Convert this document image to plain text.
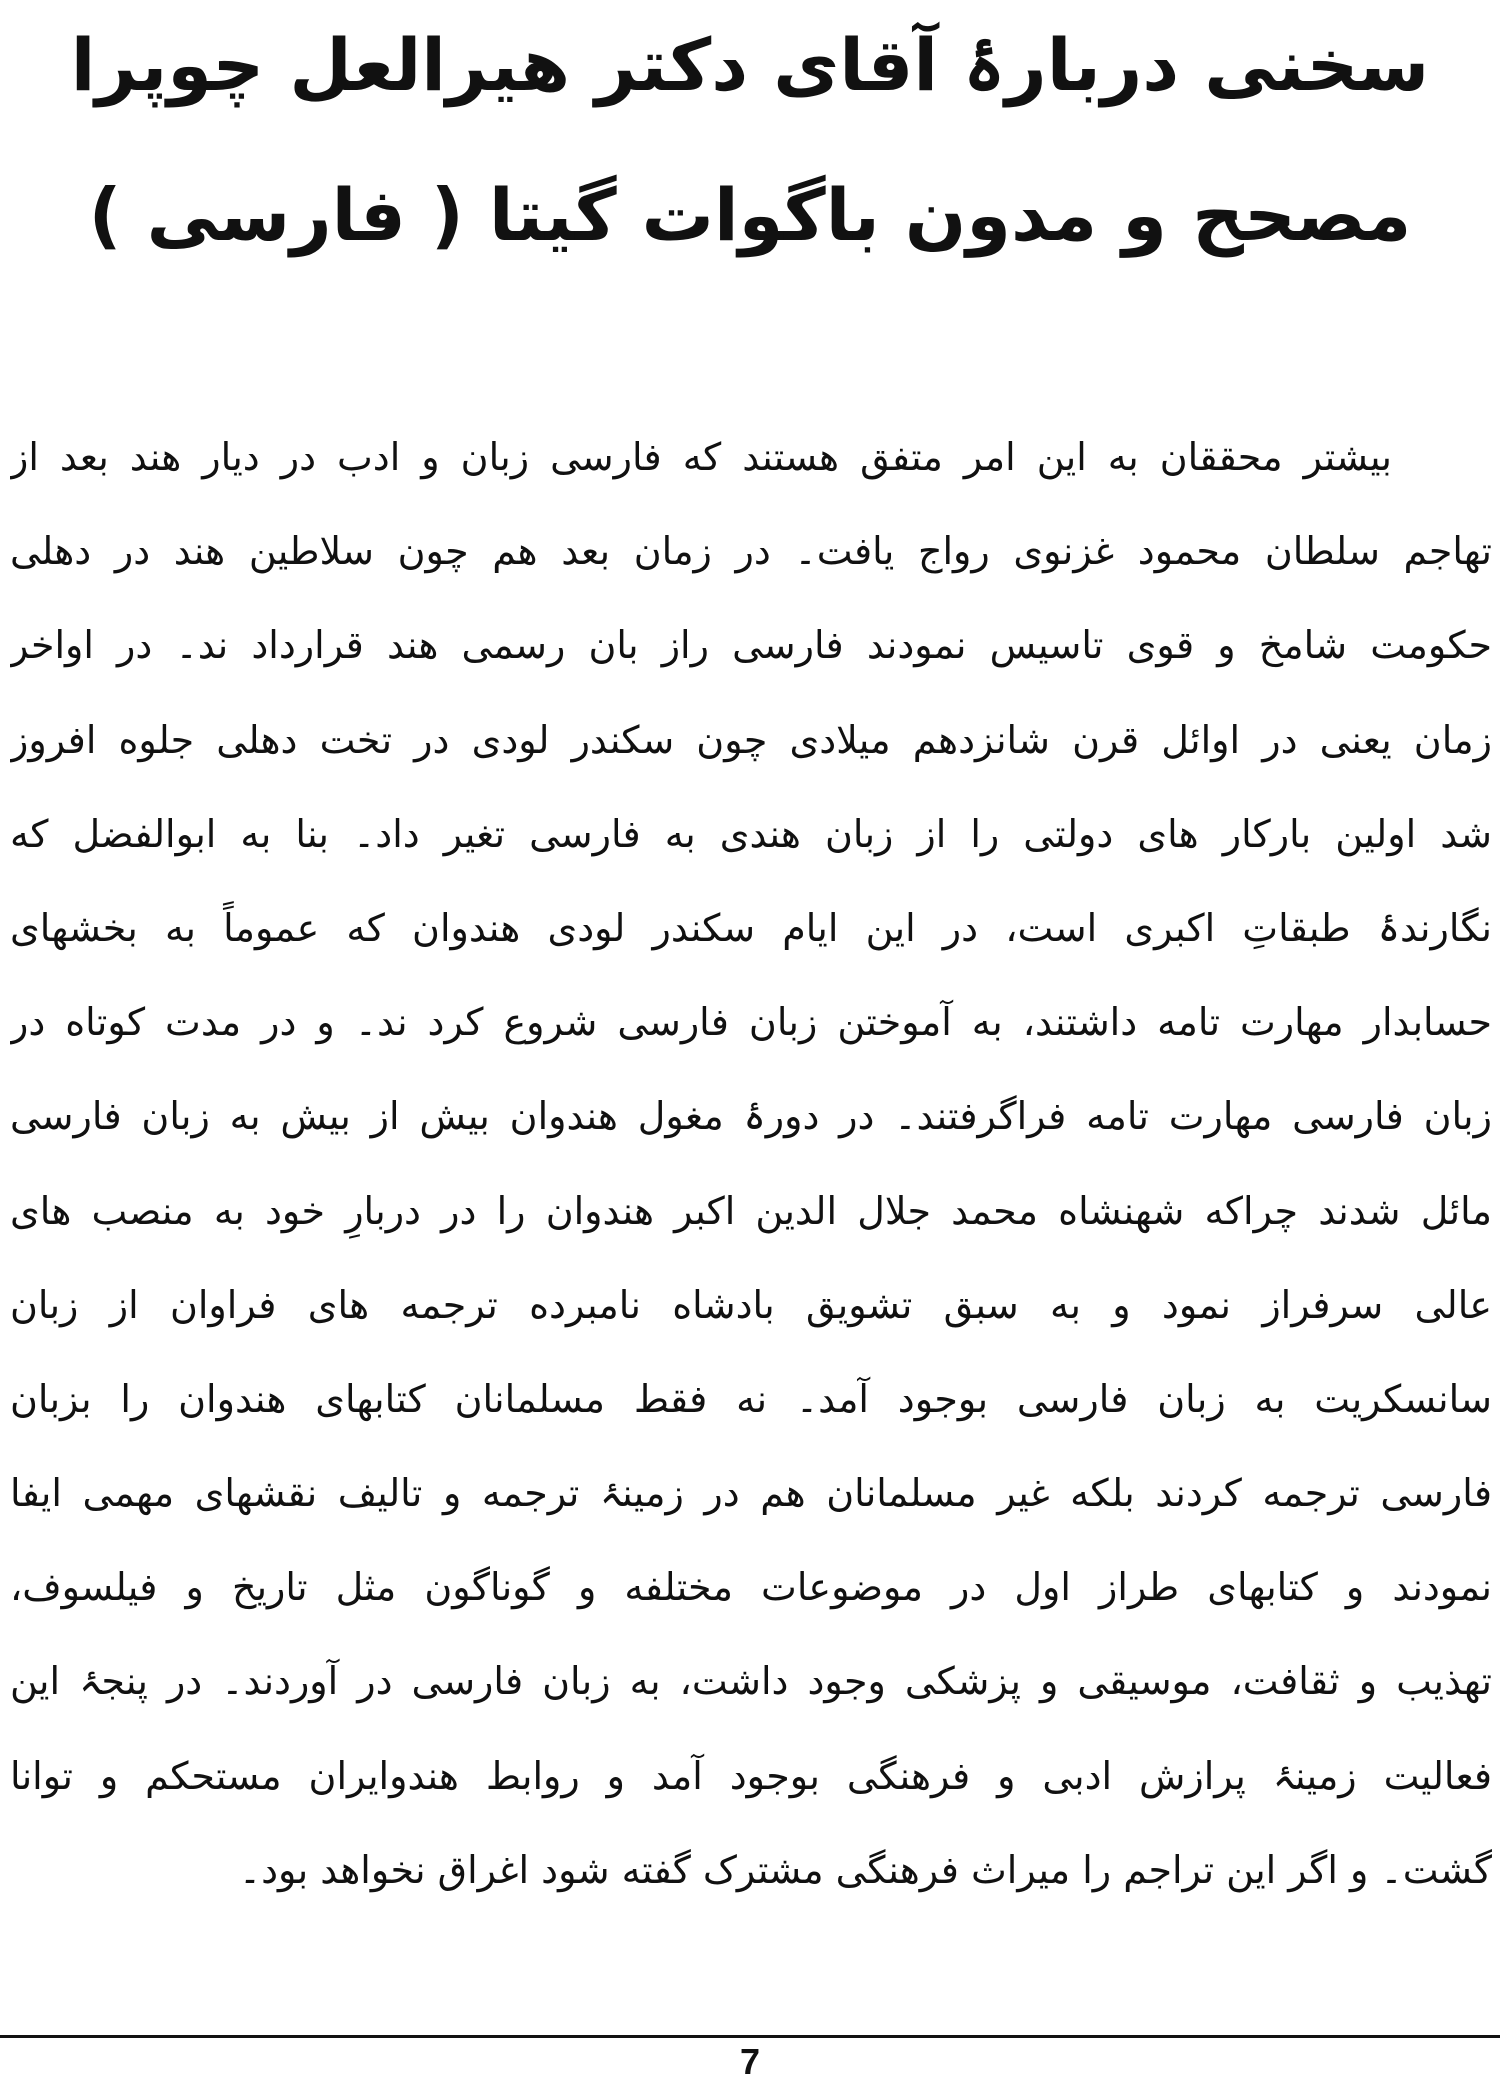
سخنی دربارۂ آقای دکتر هیرالعل چوپرا
مصحح و مدون باگوات گیتا ( فارسی )
بیشتر محققان به این امر متفق هستند که فارسی زبان و ادب در دیار هند بعد از
تهاجم سلطان محمود غزنوی رواج یافت۔ در زمان بعد هم چون سلاطین هند در دهلی
حکومت شامخ و قوی تاسیس نمودند فارسی راز بان رسمی هند قرارداد ند۔ در اواخر
زمان یعنی در اوائل قرن شانزدهم میلادی چون سکندر لودی در تخت دهلی جلوه افروز
شد اولین بارکار های دولتی را از زبان هندی به فارسی تغیر داد۔ بنا به ابوالفضل که
نگارندۂ طبقاتِ اکبری است، در این ایام سکندر لودی هندوان که عموماً به بخشهای
حسابدار مهارت تامه داشتند، به آموختن زبان فارسی شروع کرد ند۔ و در مدت کوتاه در
زبان فارسی مهارت تامه فراگرفتند۔ در دورۂ مغول هندوان بیش از بیش به زبان فارسی
مائل شدند چراکه شهنشاه محمد جلال الدین اکبر هندوان را در دربارِ خود به منصب های
عالی سرفراز نمود و به سبق تشویق بادشاه نامبرده ترجمه های فراوان از زبان
سانسکریت به زبان فارسی بوجود آمد۔ نه فقط مسلمانان کتابهای هندوان را بزبان
فارسی ترجمه کردند بلکه غیر مسلمانان هم در زمینۂ ترجمه و تالیف نقشهای مهمی ایفا
نمودند و کتابهای طراز اول در موضوعات مختلفه و گوناگون مثل تاریخ و فیلسوف،
تهذیب و ثقافت، موسیقی و پزشکی وجود داشت، به زبان فارسی در آوردند۔ در پنجۂ این
فعالیت زمینۂ پرازش ادبی و فرهنگی بوجود آمد و روابط هندوایران مستحکم و توانا
گشت۔ و اگر این تراجم را میراث فرهنگی مشترک گفته شود اغراق نخواهد بود۔
7
